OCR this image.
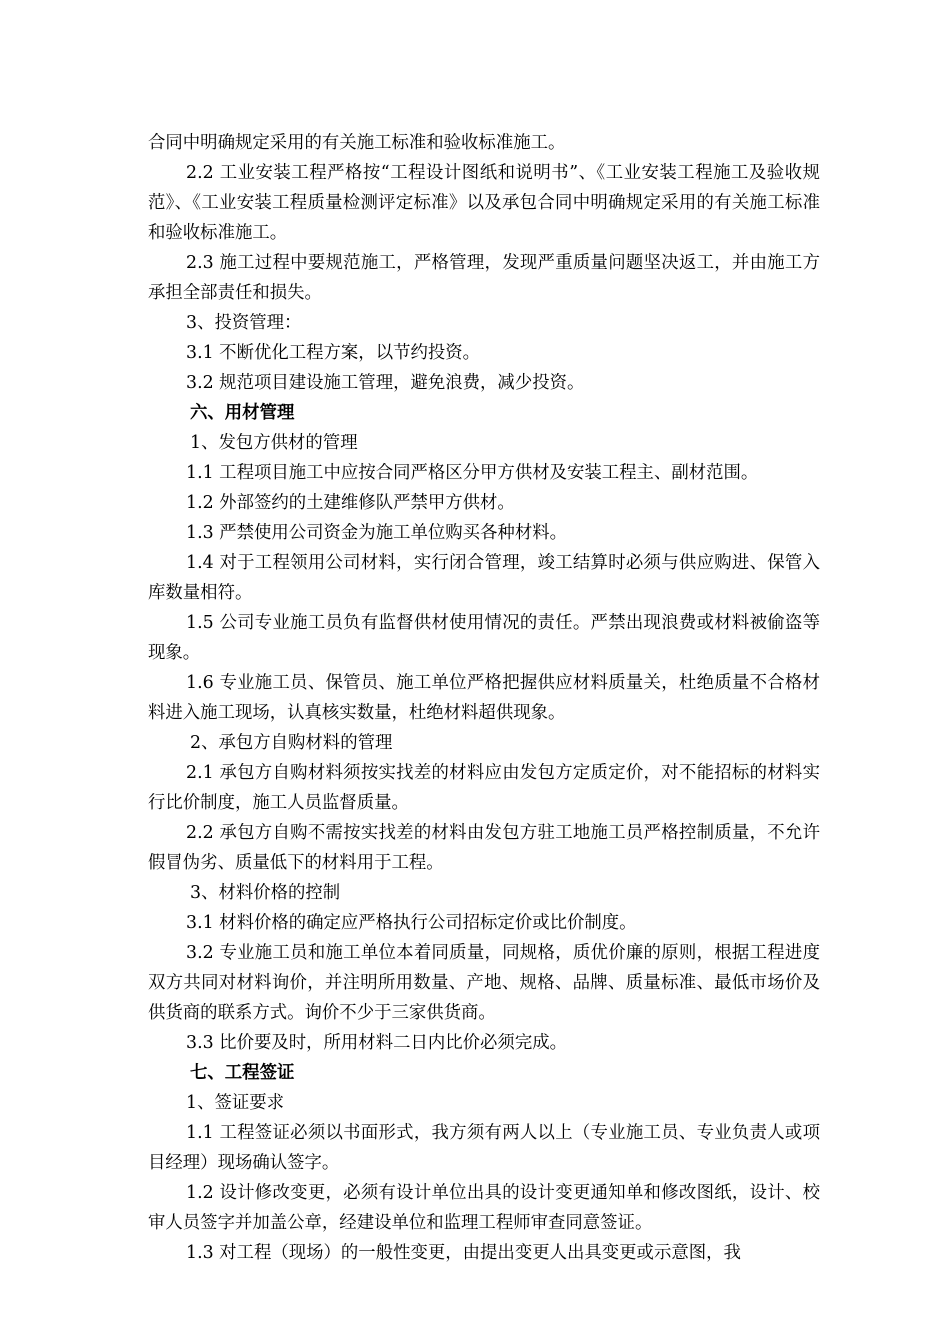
合同中明确规定采用的有关施工标准和验收标准施工。

2.2 工业安装工程严格按“工程设计图纸和说明书”、《工业安装工程施工及验收规范》、《工业安装工程质量检测评定标准》以及承包合同中明确规定采用的有关施工标准和验收标准施工。

2.3 施工过程中要规范施工，严格管理，发现严重质量问题坚决返工，并由施工方承担全部责任和损失。

3、投资管理：

3.1 不断优化工程方案，以节约投资。

3.2 规范项目建设施工管理，避免浪费，减少投资。

六、用材管理

1、发包方供材的管理

1.1 工程项目施工中应按合同严格区分甲方供材及安装工程主、副材范围。

1.2 外部签约的土建维修队严禁甲方供材。

1.3 严禁使用公司资金为施工单位购买各种材料。

1.4 对于工程领用公司材料，实行闭合管理，竣工结算时必须与供应购进、保管入库数量相符。

1.5 公司专业施工员负有监督供材使用情况的责任。严禁出现浪费或材料被偷盗等现象。

1.6 专业施工员、保管员、施工单位严格把握供应材料质量关，杜绝质量不合格材料进入施工现场，认真核实数量，杜绝材料超供现象。

2、承包方自购材料的管理

2.1 承包方自购材料须按实找差的材料应由发包方定质定价，对不能招标的材料实行比价制度，施工人员监督质量。

2.2 承包方自购不需按实找差的材料由发包方驻工地施工员严格控制质量，不允许假冒伪劣、质量低下的材料用于工程。

3、材料价格的控制

3.1 材料价格的确定应严格执行公司招标定价或比价制度。

3.2 专业施工员和施工单位本着同质量，同规格，质优价廉的原则，根据工程进度双方共同对材料询价，并注明所用数量、产地、规格、品牌、质量标准、最低市场价及供货商的联系方式。询价不少于三家供货商。

3.3 比价要及时，所用材料二日内比价必须完成。

七、工程签证

1、签证要求

1.1 工程签证必须以书面形式，我方须有两人以上（专业施工员、专业负责人或项目经理）现场确认签字。

1.2 设计修改变更，必须有设计单位出具的设计变更通知单和修改图纸，设计、校审人员签字并加盖公章，经建设单位和监理工程师审查同意签证。

1.3 对工程（现场）的一般性变更，由提出变更人出具变更或示意图，我
